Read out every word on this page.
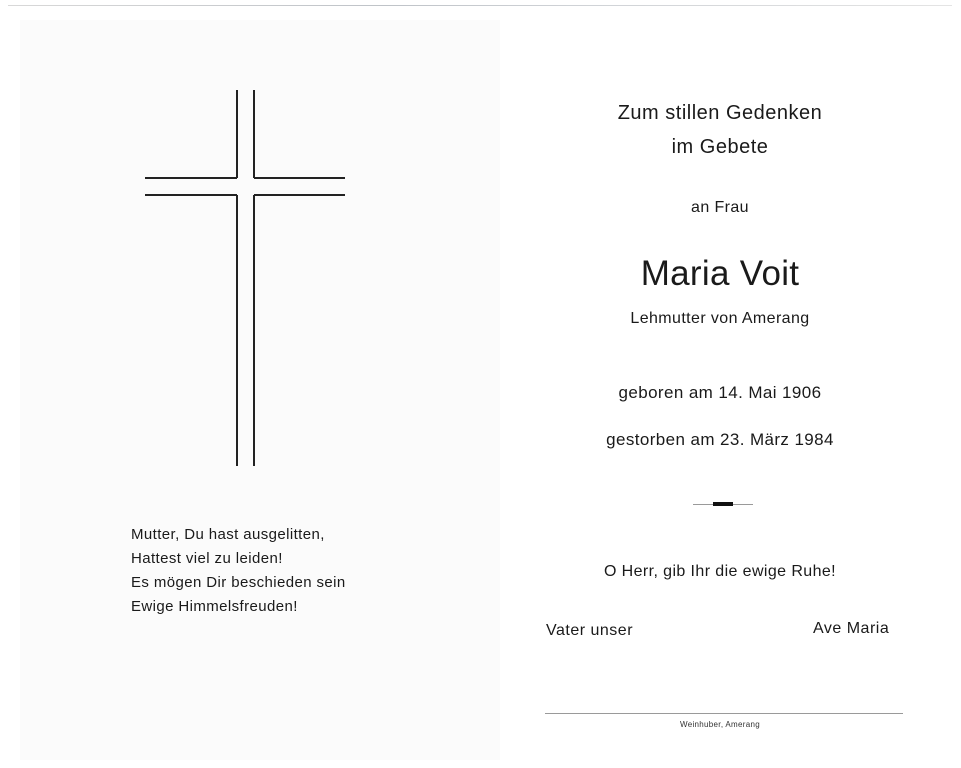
Mutter, Du hast ausgelitten,
Hattest viel zu leiden!
Es mögen Dir beschieden sein
Ewige Himmelsfreuden!
Zum stillen Gedenken
im Gebete
an Frau
Maria Voit
Lehmutter von Amerang
geboren am 14. Mai 1906
gestorben am 23. März 1984
O Herr, gib Ihr die ewige Ruhe!
Vater unser	Ave Maria
Weinhuber, Amerang
